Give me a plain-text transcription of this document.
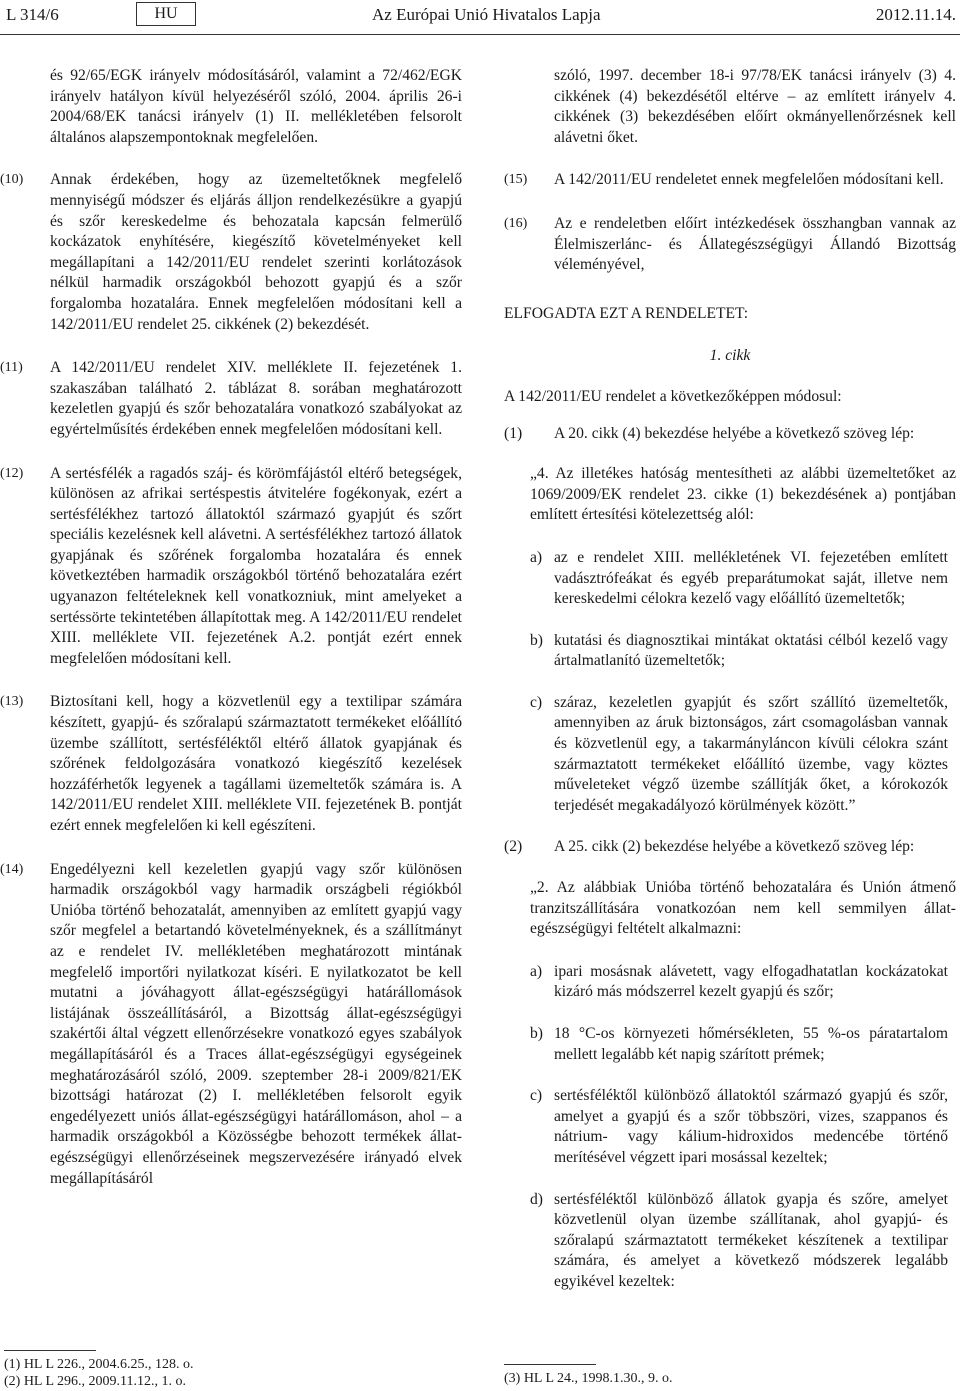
L 314/6	HU	Az Európai Unió Hivatalos Lapja	2012.11.14.

és 92/65/EGK irányelv módosításáról, valamint a 72/462/EGK irányelv hatályon kívül helyezéséről szóló, 2004. április 26-i 2004/68/EK tanácsi irányelv (1) II. mellékletében felsorolt általános alapszempontoknak megfelelően.

(10) Annak érdekében, hogy az üzemeltetőknek megfelelő mennyiségű módszer és eljárás álljon rendelkezésükre a gyapjú és szőr kereskedelme és behozatala kapcsán felmerülő kockázatok enyhítésére, kiegészítő követelményeket kell megállapítani a 142/2011/EU rendelet szerinti korlátozások nélkül harmadik országokból behozott gyapjú és a szőr forgalomba hozatalára. Ennek megfelelően módosítani kell a 142/2011/EU rendelet 25. cikkének (2) bekezdését.
(11) A 142/2011/EU rendelet XIV. melléklete II. fejezetének 1. szakaszában található 2. táblázat 8. sorában meghatározott kezeletlen gyapjú és szőr behozatalára vonatkozó szabályokat az egyértelműsítés érdekében ennek megfelelően módosítani kell.
(12) A sertésfélék a ragadós száj- és körömfájástól eltérő betegségek, különösen az afrikai sertéspestis átvitelére fogékonyak, ezért a sertésfélékhez tartozó állatoktól származó gyapjút és szőrt speciális kezelésnek kell alávetni. A sertésfélékhez tartozó állatok gyapjának és szőrének forgalomba hozatalára és ennek következtében harmadik országokból történő behozatalára ezért ugyanazon feltételeknek kell vonatkozniuk, mint amelyeket a sertéssörte tekintetében állapítottak meg. A 142/2011/EU rendelet XIII. melléklete VII. fejezetének A.2. pontját ezért ennek megfelelően módosítani kell.
(13) Biztosítani kell, hogy a közvetlenül egy a textilipar számára készített, gyapjú- és szőralapú származtatott termékeket előállító üzembe szállított, sertésféléktől eltérő állatok gyapjának és szőrének feldolgozására vonatkozó kiegészítő kezelések hozzáférhetők legyenek a tagállami üzemeltetők számára is. A 142/2011/EU rendelet XIII. melléklete VII. fejezetének B. pontját ezért ennek megfelelően ki kell egészíteni.
(14) Engedélyezni kell kezeletlen gyapjú vagy szőr különösen harmadik országokból vagy harmadik országbeli régiókból Unióba történő behozatalát, amennyiben az említett gyapjú vagy szőr megfelel a betartandó követelményeknek, és a szállítmányt az e rendelet IV. mellékletében meghatározott mintának megfelelő importőri nyilatkozat kíséri. E nyilatkozatot be kell mutatni a jóváhagyott állat-egészségügyi határállomások listájának összeállításáról, a Bizottság állat-egészségügyi szakértői által végzett ellenőrzésekre vonatkozó egyes szabályok megállapításáról és a Traces állat-egészségügyi egységeinek meghatározásáról szóló, 2009. szeptember 28-i 2009/821/EK bizottsági határozat (2) I. mellékletében felsorolt egyik engedélyezett uniós állat-egészségügyi határállomáson, ahol – a harmadik országokból a Közösségbe behozott termékek állat-egészségügyi ellenőrzéseinek megszervezésére irányadó elvek megállapításáról
(1) HL L 226., 2004.6.25., 128. o.
(2) HL L 296., 2009.11.12., 1. o.

szóló, 1997. december 18-i 97/78/EK tanácsi irányelv (3) 4. cikkének (4) bekezdésétől eltérve – az említett irányelv 4. cikkének (3) bekezdésében előírt okmányellenőrzésnek kell alávetni őket.

(15) A 142/2011/EU rendeletet ennek megfelelően módosítani kell.
(16) Az e rendeletben előírt intézkedések összhangban vannak az Élelmiszerlánc- és Állategészségügyi Állandó Bizottság véleményével,

ELFOGADTA EZT A RENDELETET:

1. cikk

A 142/2011/EU rendelet a következőképpen módosul:

(1) A 20. cikk (4) bekezdése helyébe a következő szöveg lép:

„4. Az illetékes hatóság mentesítheti az alábbi üzemeltetőket az 1069/2009/EK rendelet 23. cikke (1) bekezdésének a) pontjában említett értesítési kötelezettség alól:

a) az e rendelet XIII. mellékletének VI. fejezetében említett vadásztrófeákat és egyéb preparátumokat saját, illetve nem kereskedelmi célokra kezelő vagy előállító üzemeltetők;
b) kutatási és diagnosztikai mintákat oktatási célból kezelő vagy ártalmatlanító üzemeltetők;
c) száraz, kezeletlen gyapjút és szőrt szállító üzemeltetők, amennyiben az áruk biztonságos, zárt csomagolásban vannak és közvetlenül egy, a takarmányláncon kívüli célokra szánt származtatott termékeket előállító üzembe, vagy köztes műveleteket végző üzembe szállítják őket, a kórokozók terjedését megakadályozó körülmények között.”
(2) A 25. cikk (2) bekezdése helyébe a következő szöveg lép:

„2. Az alábbiak Unióba történő behozatalára és Unión átmenő tranzitszállítására vonatkozóan nem kell semmilyen állat-egészségügyi feltételt alkalmazni:

a) ipari mosásnak alávetett, vagy elfogadhatatlan kockázatokat kizáró más módszerrel kezelt gyapjú és szőr;
b) 18 °C-os környezeti hőmérsékleten, 55 %-os páratartalom mellett legalább két napig szárított prémek;
c) sertésféléktől különböző állatoktól származó gyapjú és szőr, amelyet a gyapjú és a szőr többszöri, vizes, szappanos és nátrium- vagy kálium-hidroxidos medencébe történő merítésével végzett ipari mosással kezeltek;
d) sertésféléktől különböző állatok gyapja és szőre, amelyet közvetlenül olyan üzembe szállítanak, ahol gyapjú- és szőralapú származtatott termékeket készítenek a textilipar számára, és amelyet a következő módszerek legalább egyikével kezeltek:
(3) HL L 24., 1998.1.30., 9. o.
